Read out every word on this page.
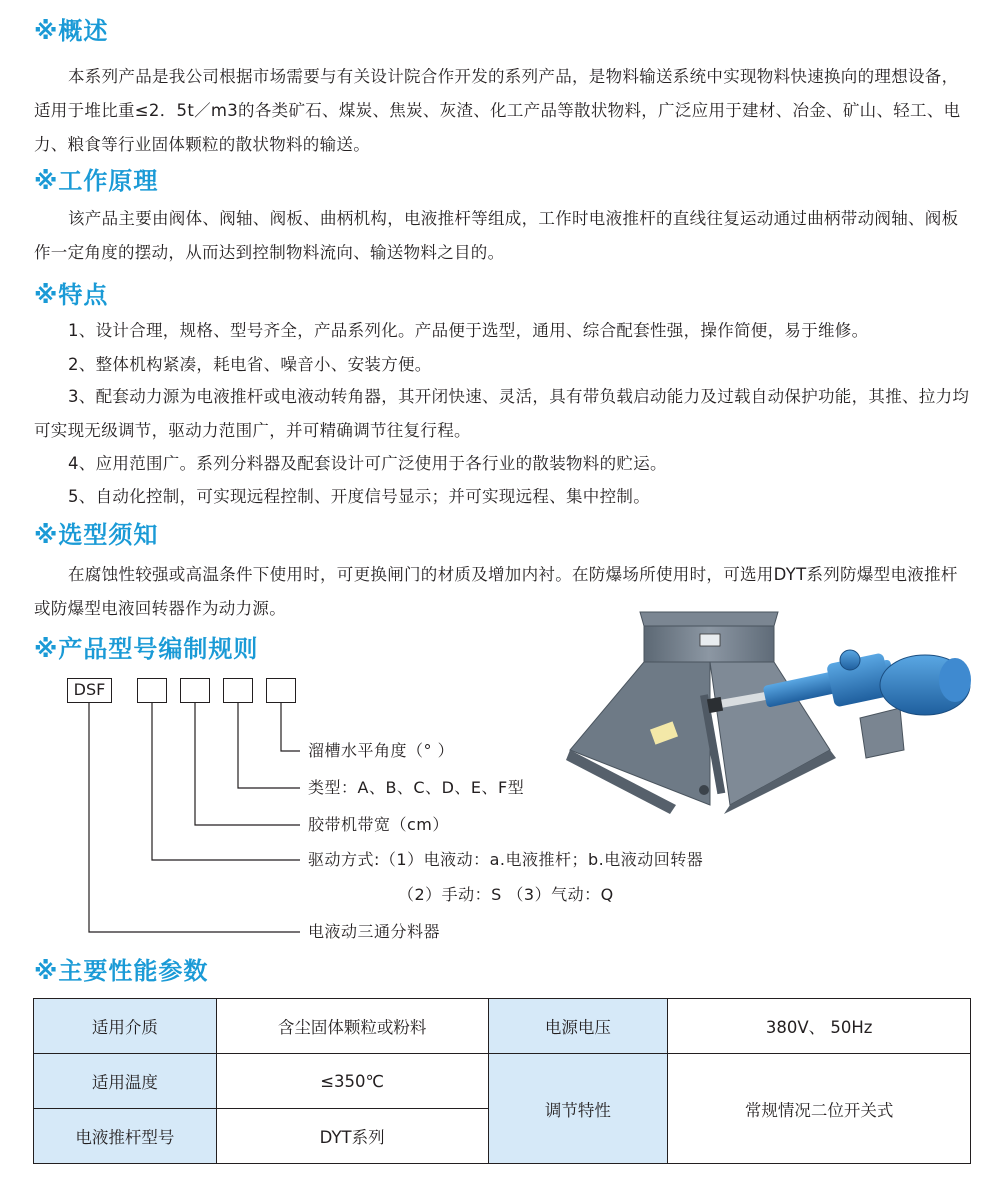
※概述

本系列产品是我公司根据市场需要与有关设计院合作开发的系列产品，是物料输送系统中实现物料快速换向的理想设备，适用于堆比重≤2．5t／m3的各类矿石、煤炭、焦炭、灰渣、化工产品等散状物料，广泛应用于建材、冶金、矿山、轻工、电力、粮食等行业固体颗粒的散状物料的输送。

※工作原理

该产品主要由阀体、阀轴、阀板、曲柄机构，电液推杆等组成，工作时电液推杆的直线往复运动通过曲柄带动阀轴、阀板作一定角度的摆动，从而达到控制物料流向、输送物料之目的。

※特点

1、设计合理，规格、型号齐全，产品系列化。产品便于选型，通用、综合配套性强，操作简便，易于维修。

2、整体机构紧凑，耗电省、噪音小、安装方便。

3、配套动力源为电液推杆或电液动转角器，其开闭快速、灵活，具有带负载启动能力及过载自动保护功能，其推、拉力均可实现无级调节，驱动力范围广，并可精确调节往复行程。

4、应用范围广。系列分料器及配套设计可广泛使用于各行业的散装物料的贮运。

5、自动化控制，可实现远程控制、开度信号显示；并可实现远程、集中控制。

※选型须知

在腐蚀性较强或高温条件下使用时，可更换闸门的材质及增加内衬。在防爆场所使用时，可选用DYT系列防爆型电液推杆或防爆型电液回转器作为动力源。

※产品型号编制规则
DSF
溜槽水平角度（° ）
类型：A、B、C、D、E、F型
胶带机带宽（cm）
驱动方式:（1）电液动：a.电液推杆；b.电液动回转器
（2）手动：S （3）气动：Q
电液动三通分料器
※主要性能参数
适用介质	含尘固体颗粒或粉料	电源电压	380V、 50Hz
适用温度	≤350℃	调节特性	常规情况二位开关式
电液推杆型号	DYT系列		
